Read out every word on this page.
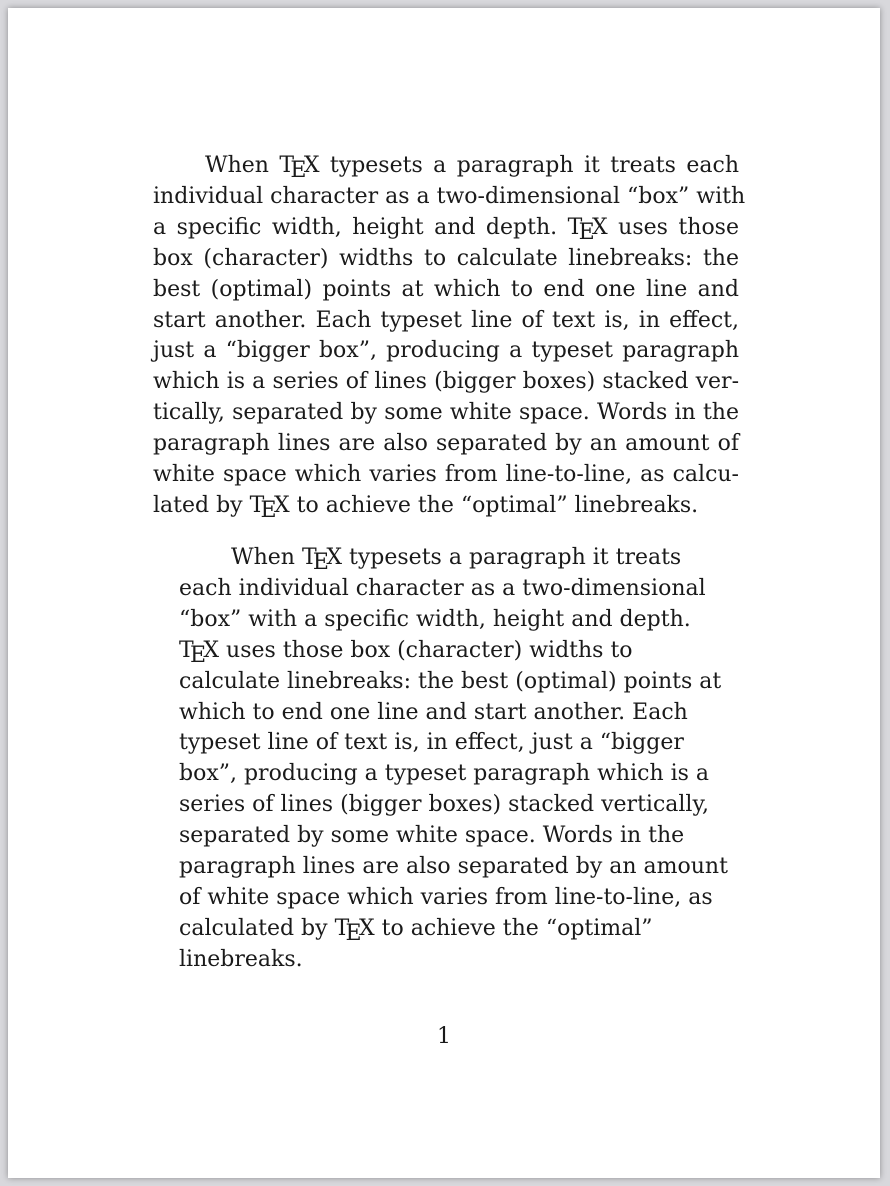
When TEX typesets a paragraph it treats each
individual character as a two-dimensional “box” with
a specific width, height and depth. TEX uses those
box (character) widths to calculate linebreaks: the
best (optimal) points at which to end one line and
start another. Each typeset line of text is, in effect,
just a “bigger box”, producing a typeset paragraph
which is a series of lines (bigger boxes) stacked ver-
tically, separated by some white space. Words in the
paragraph lines are also separated by an amount of
white space which varies from line-to-line, as calcu-
lated by TEX to achieve the “optimal” linebreaks.

When TEX typesets a paragraph it treats
each individual character as a two-dimensional
“box” with a specific width, height and depth.
TEX uses those box (character) widths to
calculate linebreaks: the best (optimal) points at
which to end one line and start another. Each
typeset line of text is, in effect, just a “bigger
box”, producing a typeset paragraph which is a
series of lines (bigger boxes) stacked vertically,
separated by some white space. Words in the
paragraph lines are also separated by an amount
of white space which varies from line-to-line, as
calculated by TEX to achieve the “optimal”
linebreaks.

1
